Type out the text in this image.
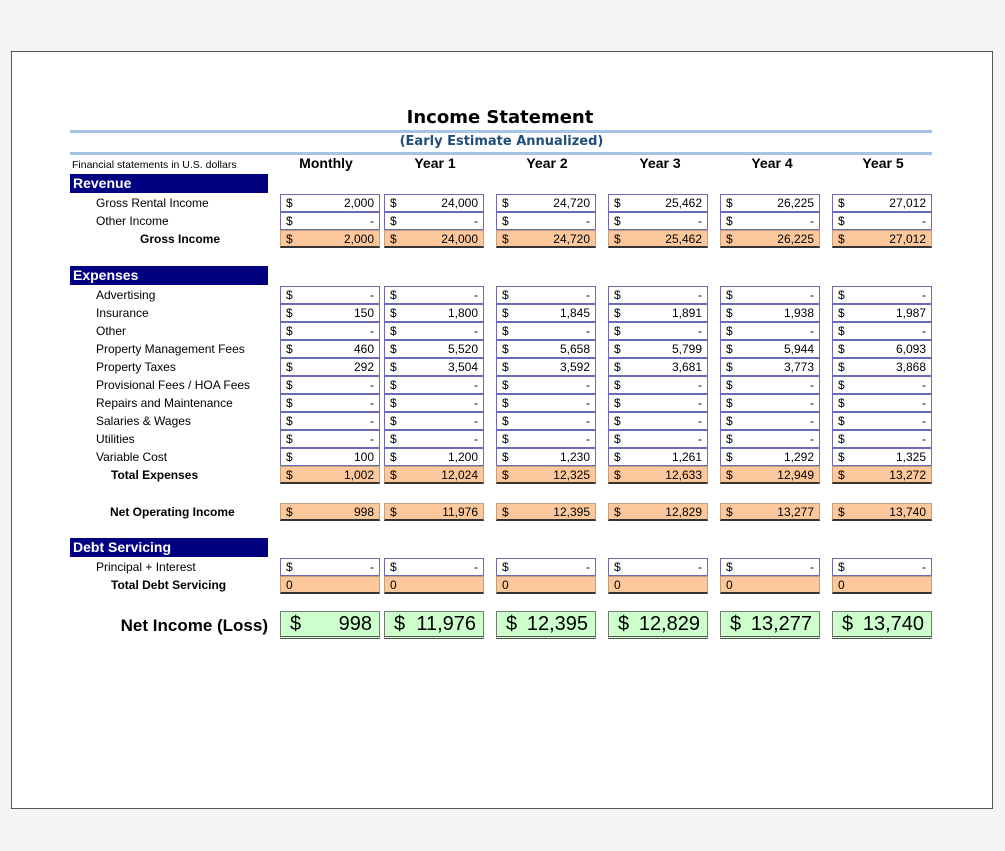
Income Statement
(Early Estimate Annualized)
Financial statements in U.S. dollars	Monthly	Year 1	Year 2	Year 3	Year 4	Year 5
Revenue
Expenses
Debt Servicing
Gross Rental Income	$	2,000 $	24,000 $	24,720 $	25,462 $	26,225 $	27,012
Other Income	$	- $	- $	- $	- $	- $	-
Gross Income	$	2,000 $	24,000 $	24,720 $	25,462 $	26,225 $	27,012
Advertising	$	- $	- $	- $	- $	- $	-
Insurance	$	150 $	1,800 $	1,845 $	1,891 $	1,938 $	1,987
Other	$	- $	- $	- $	- $	- $	-
Property Management Fees	$	460 $	5,520 $	5,658 $	5,799 $	5,944 $	6,093
Property Taxes	$	292 $	3,504 $	3,592 $	3,681 $	3,773 $	3,868
Provisional Fees / HOA Fees	$	- $	- $	- $	- $	- $	-
Repairs and Maintenance	$	- $	- $	- $	- $	- $	-
Salaries & Wages	$	- $	- $	- $	- $	- $	-
Utilities	$	- $	- $	- $	- $	- $	-
Variable Cost	$	100 $	1,200 $	1,230 $	1,261 $	1,292 $	1,325
Total Expenses	$	1,002 $	12,024 $	12,325 $	12,633 $	12,949 $	13,272
Net Operating Income	$	998 $	11,976 $	12,395 $	12,829 $	13,277 $	13,740
Principal + Interest	$	- $	- $	- $	- $	- $	-
Total Debt Servicing	0	0	0	0	0	0
Net Income (Loss) $ 998 $ 11,976 $ 12,395 $ 12,829 $ 13,277 $ 13,740
